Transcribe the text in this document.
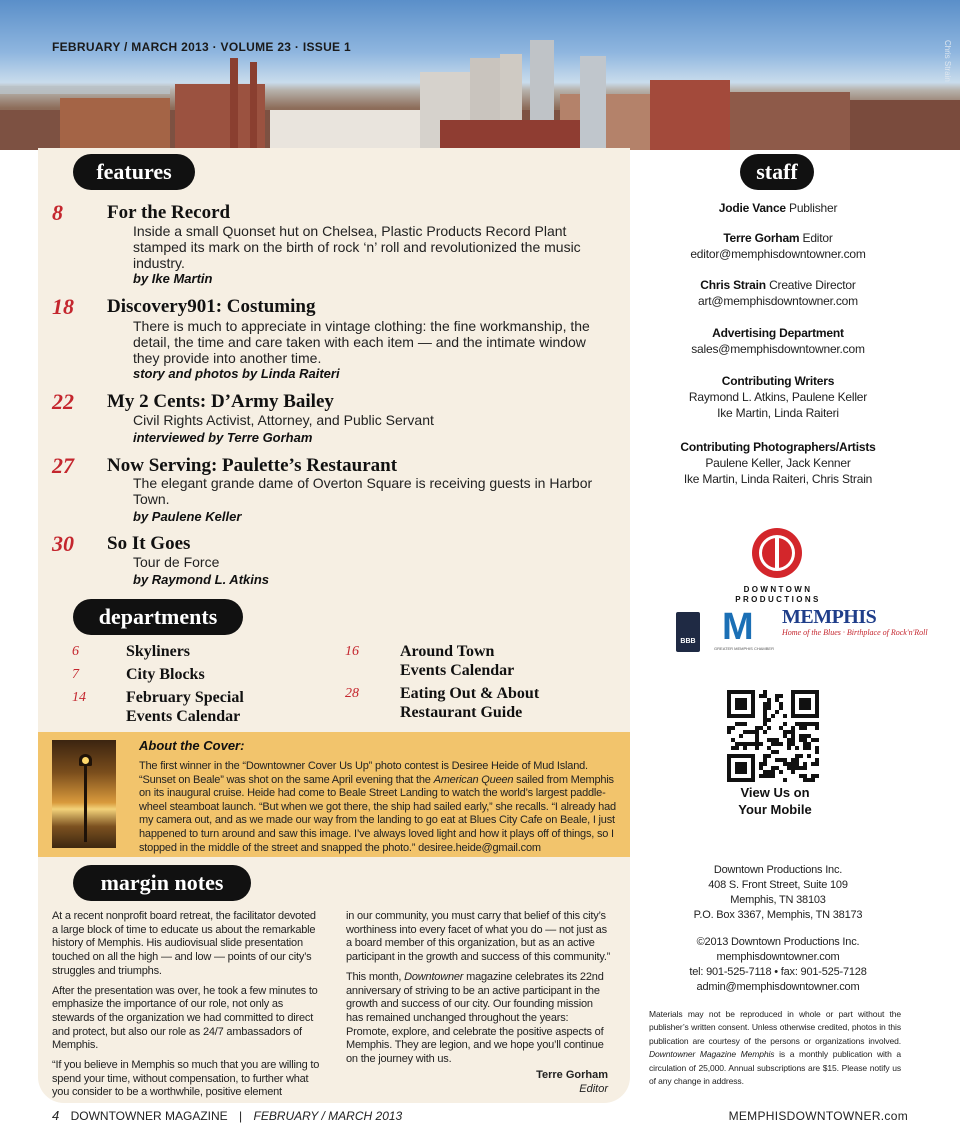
FEBRUARY / MARCH 2013 · VOLUME 23 · ISSUE 1	Chris Strain
features
8 For the Record
Inside a small Quonset hut on Chelsea, Plastic Products Record Plant stamped its mark on the birth of rock ‘n’ roll and revolutionized the music industry.
by Ike Martin
18 Discovery901: Costuming
There is much to appreciate in vintage clothing: the fine workmanship, the detail, the time and care taken with each item — and the intimate window they provide into another time.
story and photos by Linda Raiteri
22 My 2 Cents: D’Army Bailey
Civil Rights Activist, Attorney, and Public Servant
interviewed by Terre Gorham
27 Now Serving: Paulette’s Restaurant
The elegant grande dame of Overton Square is receiving guests in Harbor Town.
by Paulene Keller
30 So It Goes
Tour de Force
by Raymond L. Atkins
departments
6	Skyliners
7	City Blocks
14	February Special
Events Calendar
16	Around Town
Events Calendar
28	Eating Out & About
Restaurant Guide
About the Cover:
The first winner in the “Downtowner Cover Us Up” photo contest is Desiree Heide of Mud Island. “Sunset on Beale” was shot on the same April evening that the American Queen sailed from Memphis on its inaugural cruise. Heide had come to Beale Street Landing to watch the world’s largest paddle-wheel steamboat launch. “But when we got there, the ship had sailed early,” she recalls. “I already had my camera out, and as we made our way from the landing to go eat at Blues City Cafe on Beale, I just happened to turn around and saw this image. I’ve always loved light and how it plays off of things, so I stopped in the middle of the street and snapped the photo.” desiree.heide@gmail.com
margin notes

At a recent nonprofit board retreat, the facilitator devoted a large block of time to educate us about the remarkable history of Memphis. His audiovisual slide presentation touched on all the high — and low — points of our city’s struggles and triumphs.

After the presentation was over, he took a few minutes to emphasize the importance of our role, not only as stewards of the organization we had committed to direct and protect, but also our role as 24/7 ambassadors of Memphis.

“If you believe in Memphis so much that you are willing to spend your time, without compensation, to further what you consider to be a worthwhile, positive element

in our community, you must carry that belief of this city’s worthiness into every facet of what you do — not just as a board member of this organization, but as an active participant in the growth and success of this community.”

This month, Downtowner magazine celebrates its 22nd anniversary of striving to be an active participant in the growth and success of our city. Our founding mission has remained unchanged throughout the years: Promote, explore, and celebrate the positive aspects of Memphis. They are legion, and we hope you’ll continue on the journey with us.

Terre Gorham
Editor
4 DOWNTOWNER MAGAZINE | FEBRUARY / MARCH 2013	MEMPHISDOWNTOWNER.com
staff
Jodie Vance Publisher
Terre Gorham Editor
editor@memphisdowntowner.com
Chris Strain Creative Director
art@memphisdowntowner.com
Advertising Department
sales@memphisdowntowner.com
Contributing Writers
Raymond L. Atkins, Paulene Keller
Ike Martin, Linda Raiteri
Contributing Photographers/Artists
Paulene Keller, Jack Kenner
Ike Martin, Linda Raiteri, Chris Strain
DOWNTOWN
PRODUCTIONS
BBB M
GREATER MEMPHIS CHAMBER
MEMPHIS
Home of the Blues · Birthplace of Rock'n'Roll
View Us on
Your Mobile
Downtown Productions Inc.
408 S. Front Street, Suite 109
Memphis, TN 38103
P.O. Box 3367, Memphis, TN 38173
©2013 Downtown Productions Inc.
memphisdowntowner.com
tel: 901-525-7118 • fax: 901-525-7128
admin@memphisdowntowner.com
Materials may not be reproduced in whole or part without the publisher’s written consent. Unless otherwise credited, photos in this publication are courtesy of the persons or organizations involved. Downtowner Magazine Memphis is a monthly publication with a circulation of 25,000. Annual subscriptions are $15. Please notify us of any change in address.
